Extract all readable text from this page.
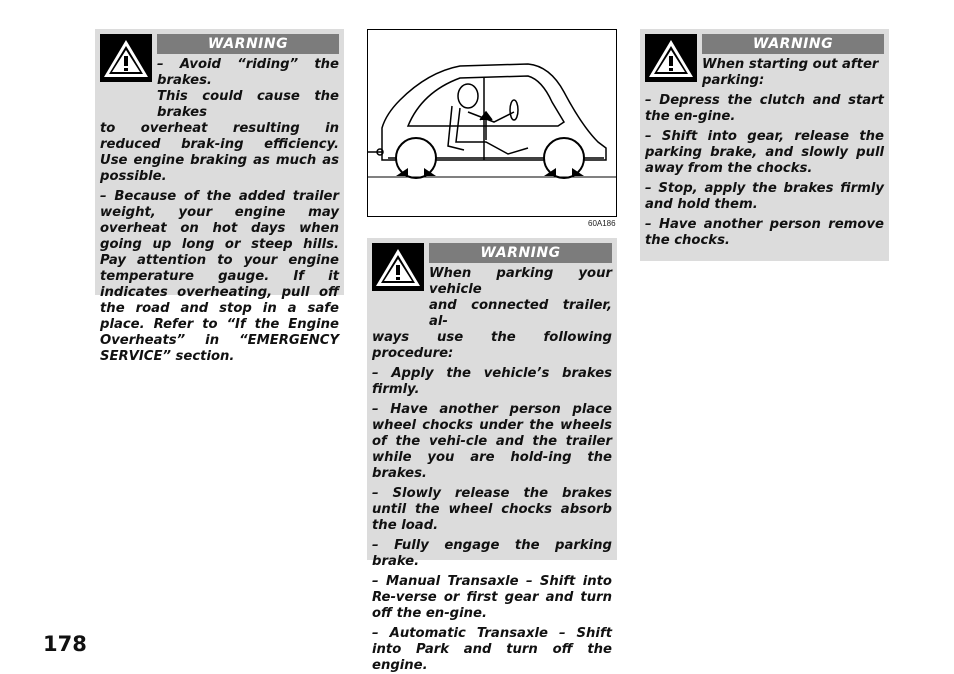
WARNING

– Avoid “riding” the brakes.

This could cause the brakes

to overheat resulting in reduced brak-ing efficiency. Use engine braking as much as possible.

– Because of the added trailer weight, your engine may overheat on hot days when going up long or steep hills. Pay attention to your engine temperature gauge. If it indicates overheating, pull off the road and stop in a safe place. Refer to “If the Engine Overheats” in “EMERGENCY SERVICE” section.

60A186
WARNING

When parking your vehicle

and connected trailer, al-

ways use the following procedure:

– Apply the vehicle’s brakes firmly.

– Have another person place wheel chocks under the wheels of the vehi-cle and the trailer while you are hold-ing the brakes.

– Slowly release the brakes until the wheel chocks absorb the load.

– Fully engage the parking brake.

– Manual Transaxle – Shift into Re-verse or first gear and turn off the en-gine.

– Automatic Transaxle – Shift into Park and turn off the engine.

WARNING

When starting out after

parking:

– Depress the clutch and start the en-gine.

– Shift into gear, release the parking brake, and slowly pull away from the chocks.

– Stop, apply the brakes firmly and hold them.

– Have another person remove the chocks.

178
